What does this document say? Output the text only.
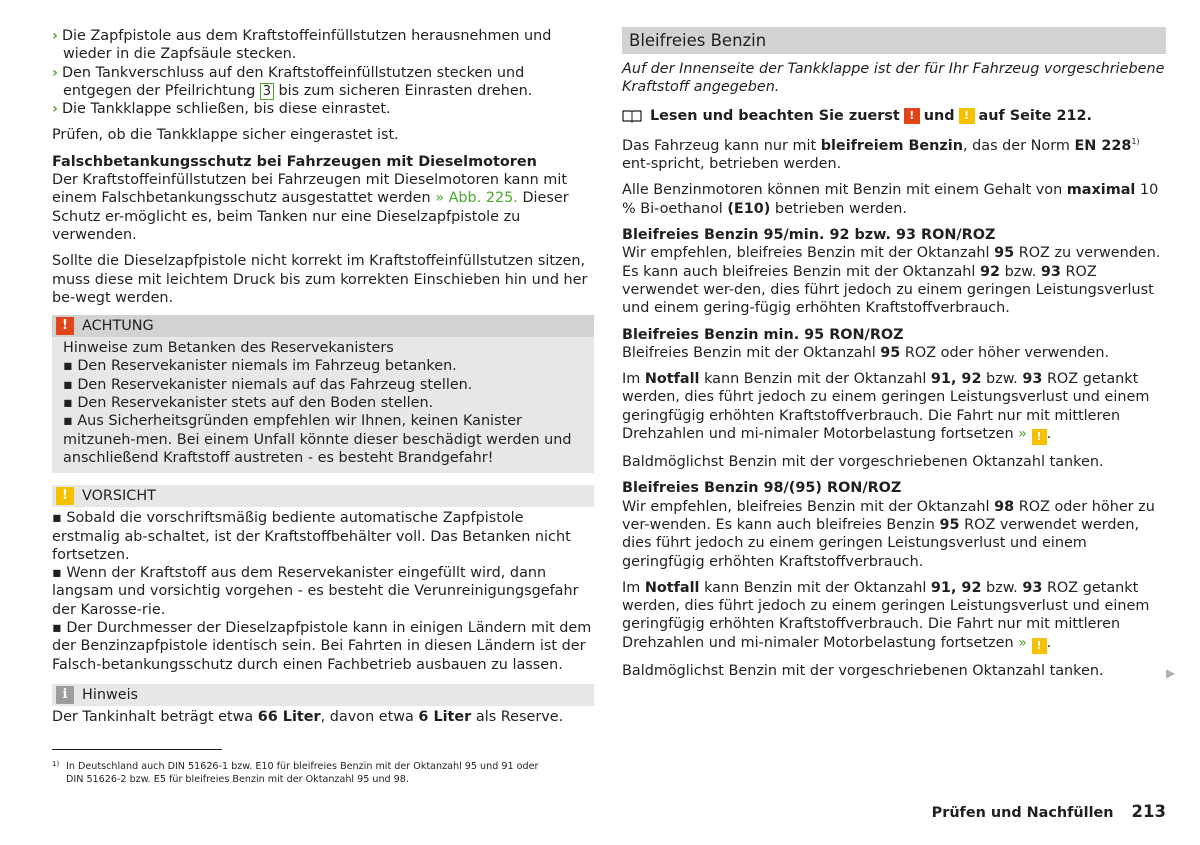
› Die Zapfpistole aus dem Kraftstoffeinfüllstutzen herausnehmen und wieder in die Zapfsäule stecken.

› Den Tankverschluss auf den Kraftstoffeinfüllstutzen stecken und entgegen der Pfeilrichtung 3 bis zum sicheren Einrasten drehen.

› Die Tankklappe schließen, bis diese einrastet.

Prüfen, ob die Tankklappe sicher eingerastet ist.

Falschbetankungsschutz bei Fahrzeugen mit Dieselmotoren

Der Kraftstoffeinfüllstutzen bei Fahrzeugen mit Dieselmotoren kann mit einem Falschbetankungsschutz ausgestattet werden » Abb. 225. Dieser Schutz er-möglicht es, beim Tanken nur eine Dieselzapfpistole zu verwenden.

Sollte die Dieselzapfpistole nicht korrekt im Kraftstoffeinfüllstutzen sitzen, muss diese mit leichtem Druck bis zum korrekten Einschieben hin und her be-wegt werden.

! ACHTUNG
Hinweise zum Betanken des Reservekanisters
▪ Den Reservekanister niemals im Fahrzeug betanken.
▪ Den Reservekanister niemals auf das Fahrzeug stellen.
▪ Den Reservekanister stets auf den Boden stellen.
▪ Aus Sicherheitsgründen empfehlen wir Ihnen, keinen Kanister mitzuneh-men. Bei einem Unfall könnte dieser beschädigt werden und anschließend Kraftstoff austreten - es besteht Brandgefahr!
! VORSICHT
▪ Sobald die vorschriftsmäßig bediente automatische Zapfpistole erstmalig ab-schaltet, ist der Kraftstoffbehälter voll. Das Betanken nicht fortsetzen.
▪ Wenn der Kraftstoff aus dem Reservekanister eingefüllt wird, dann langsam und vorsichtig vorgehen - es besteht die Verunreinigungsgefahr der Karosse-rie.
▪ Der Durchmesser der Dieselzapfpistole kann in einigen Ländern mit dem der Benzinzapfpistole identisch sein. Bei Fahrten in diesen Ländern ist der Falsch-betankungsschutz durch einen Fachbetrieb ausbauen zu lassen.
i	Hinweis
Der Tankinhalt beträgt etwa 66 Liter, davon etwa 6 Liter als Reserve.
Bleifreies Benzin

Auf der Innenseite der Tankklappe ist der für Ihr Fahrzeug vorgeschriebene Kraftstoff angegeben.

Lesen und beachten Sie zuerst ! und ! auf Seite 212.

Das Fahrzeug kann nur mit bleifreiem Benzin, das der Norm EN 228$^{1)}$ ent-spricht, betrieben werden.

Alle Benzinmotoren können mit Benzin mit einem Gehalt von maximal 10 % Bi-oethanol (E10) betrieben werden.

Bleifreies Benzin 95/min. 92 bzw. 93 RON/ROZ

Wir empfehlen, bleifreies Benzin mit der Oktanzahl 95 ROZ zu verwenden. Es kann auch bleifreies Benzin mit der Oktanzahl 92 bzw. 93 ROZ verwendet wer-den, dies führt jedoch zu einem geringen Leistungsverlust und einem gering-fügig erhöhten Kraftstoffverbrauch.

Bleifreies Benzin min. 95 RON/ROZ

Bleifreies Benzin mit der Oktanzahl 95 ROZ oder höher verwenden.

Im Notfall kann Benzin mit der Oktanzahl 91, 92 bzw. 93 ROZ getankt werden, dies führt jedoch zu einem geringen Leistungsverlust und einem geringfügig erhöhten Kraftstoffverbrauch. Die Fahrt nur mit mittleren Drehzahlen und mi-nimaler Motorbelastung fortsetzen » ! .

Baldmöglichst Benzin mit der vorgeschriebenen Oktanzahl tanken.

Bleifreies Benzin 98/(95) RON/ROZ

Wir empfehlen, bleifreies Benzin mit der Oktanzahl 98 ROZ oder höher zu ver-wenden. Es kann auch bleifreies Benzin 95 ROZ verwendet werden, dies führt jedoch zu einem geringen Leistungsverlust und einem geringfügig erhöhten Kraftstoffverbrauch.

Im Notfall kann Benzin mit der Oktanzahl 91, 92 bzw. 93 ROZ getankt werden, dies führt jedoch zu einem geringen Leistungsverlust und einem geringfügig erhöhten Kraftstoffverbrauch. Die Fahrt nur mit mittleren Drehzahlen und mi-nimaler Motorbelastung fortsetzen » ! .

Baldmöglichst Benzin mit der vorgeschriebenen Oktanzahl tanken.	▶
1) In Deutschland auch DIN 51626-1 bzw. E10 für bleifreies Benzin mit der Oktanzahl 95 und 91 oder
DIN 51626-2 bzw. E5 für bleifreies Benzin mit der Oktanzahl 95 und 98.
Prüfen und Nachfüllen 213
